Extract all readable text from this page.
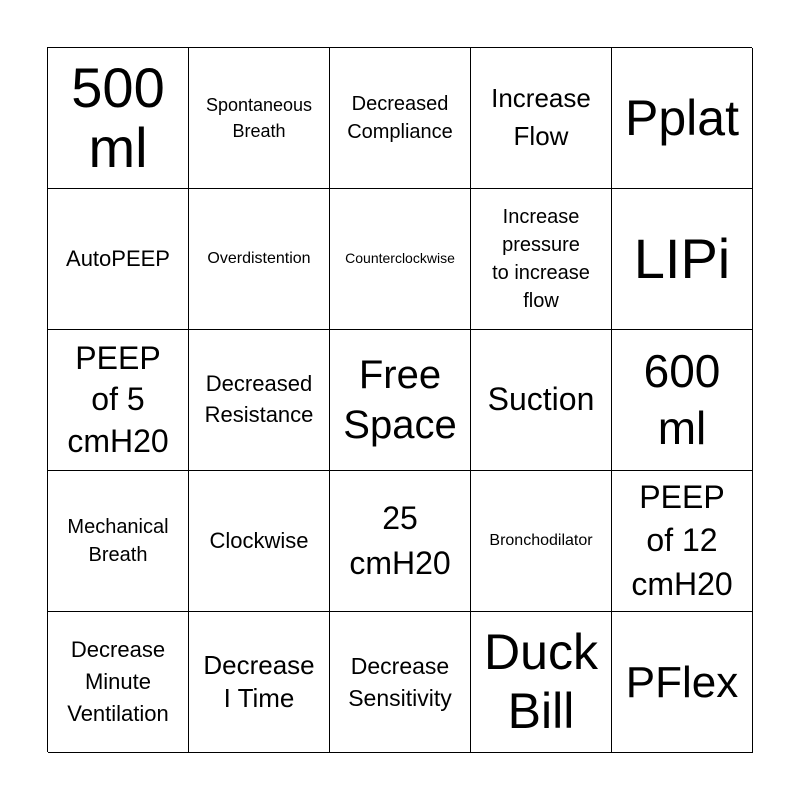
500
ml
Spontaneous
Breath
Decreased
Compliance
Increase
Flow	Pplat
AutoPEEP Overdistention Counterclockwise
Increase
pressure
to increase
flow
LIPi
PEEP
of 5
cmH20
Decreased
Resistance
Free
Space
Suction
600
ml
Mechanical
Breath
Clockwise
25
cmH20
Bronchodilator
PEEP
of 12
cmH20
Decrease
Minute
Ventilation
Decrease
I Time
Decrease
Sensitivity
Duck
Bill
PFlex
